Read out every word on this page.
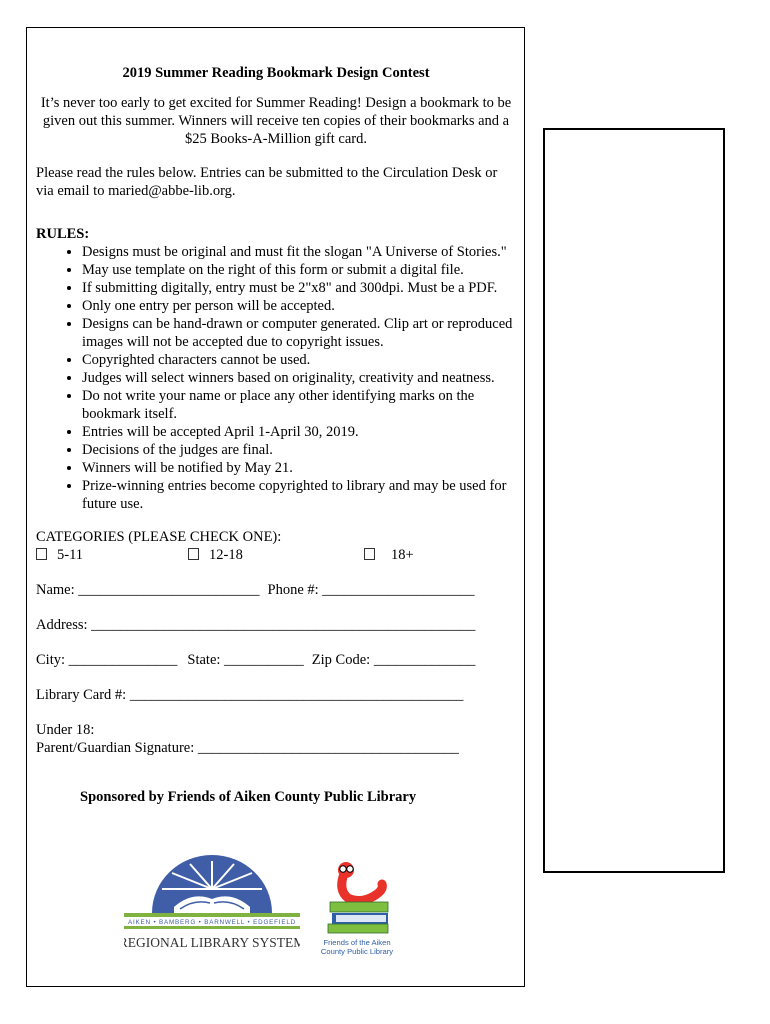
2019 Summer Reading Bookmark Design Contest

It’s never too early to get excited for Summer Reading! Design a bookmark to be given out this summer. Winners will receive ten copies of their bookmarks and a $25 Books-A-Million gift card.

Please read the rules below. Entries can be submitted to the Circulation Desk or via email to maried@abbe-lib.org.

RULES:

• Designs must be original and must fit the slogan "A Universe of Stories."
• May use template on the right of this form or submit a digital file.
• If submitting digitally, entry must be 2"x8" and 300dpi. Must be a PDF.
• Only one entry per person will be accepted.
• Designs can be hand-drawn or computer generated. Clip art or reproduced images will not be accepted due to copyright issues.
• Copyrighted characters cannot be used.
• Judges will select winners based on originality, creativity and neatness.
• Do not write your name or place any other identifying marks on the bookmark itself.
• Entries will be accepted April 1-April 30, 2019.
• Decisions of the judges are final.
• Winners will be notified by May 21.
• Prize-winning entries become copyrighted to library and may be used for future use.

CATEGORIES (PLEASE CHECK ONE):

5-11	12-18	18+

Name: _________________________ Phone #: _____________________

Address: _____________________________________________________

City: _______________ State: ___________ Zip Code: ______________

Library Card #: ______________________________________________

Under 18:

Parent/Guardian Signature: ____________________________________

Sponsored by Friends of Aiken County Public Library

AIKEN • BAMBERG • BARNWELL • EDGEFIELD
REGIONAL LIBRARY SYSTEM Friends of the Aiken
County Public Library
